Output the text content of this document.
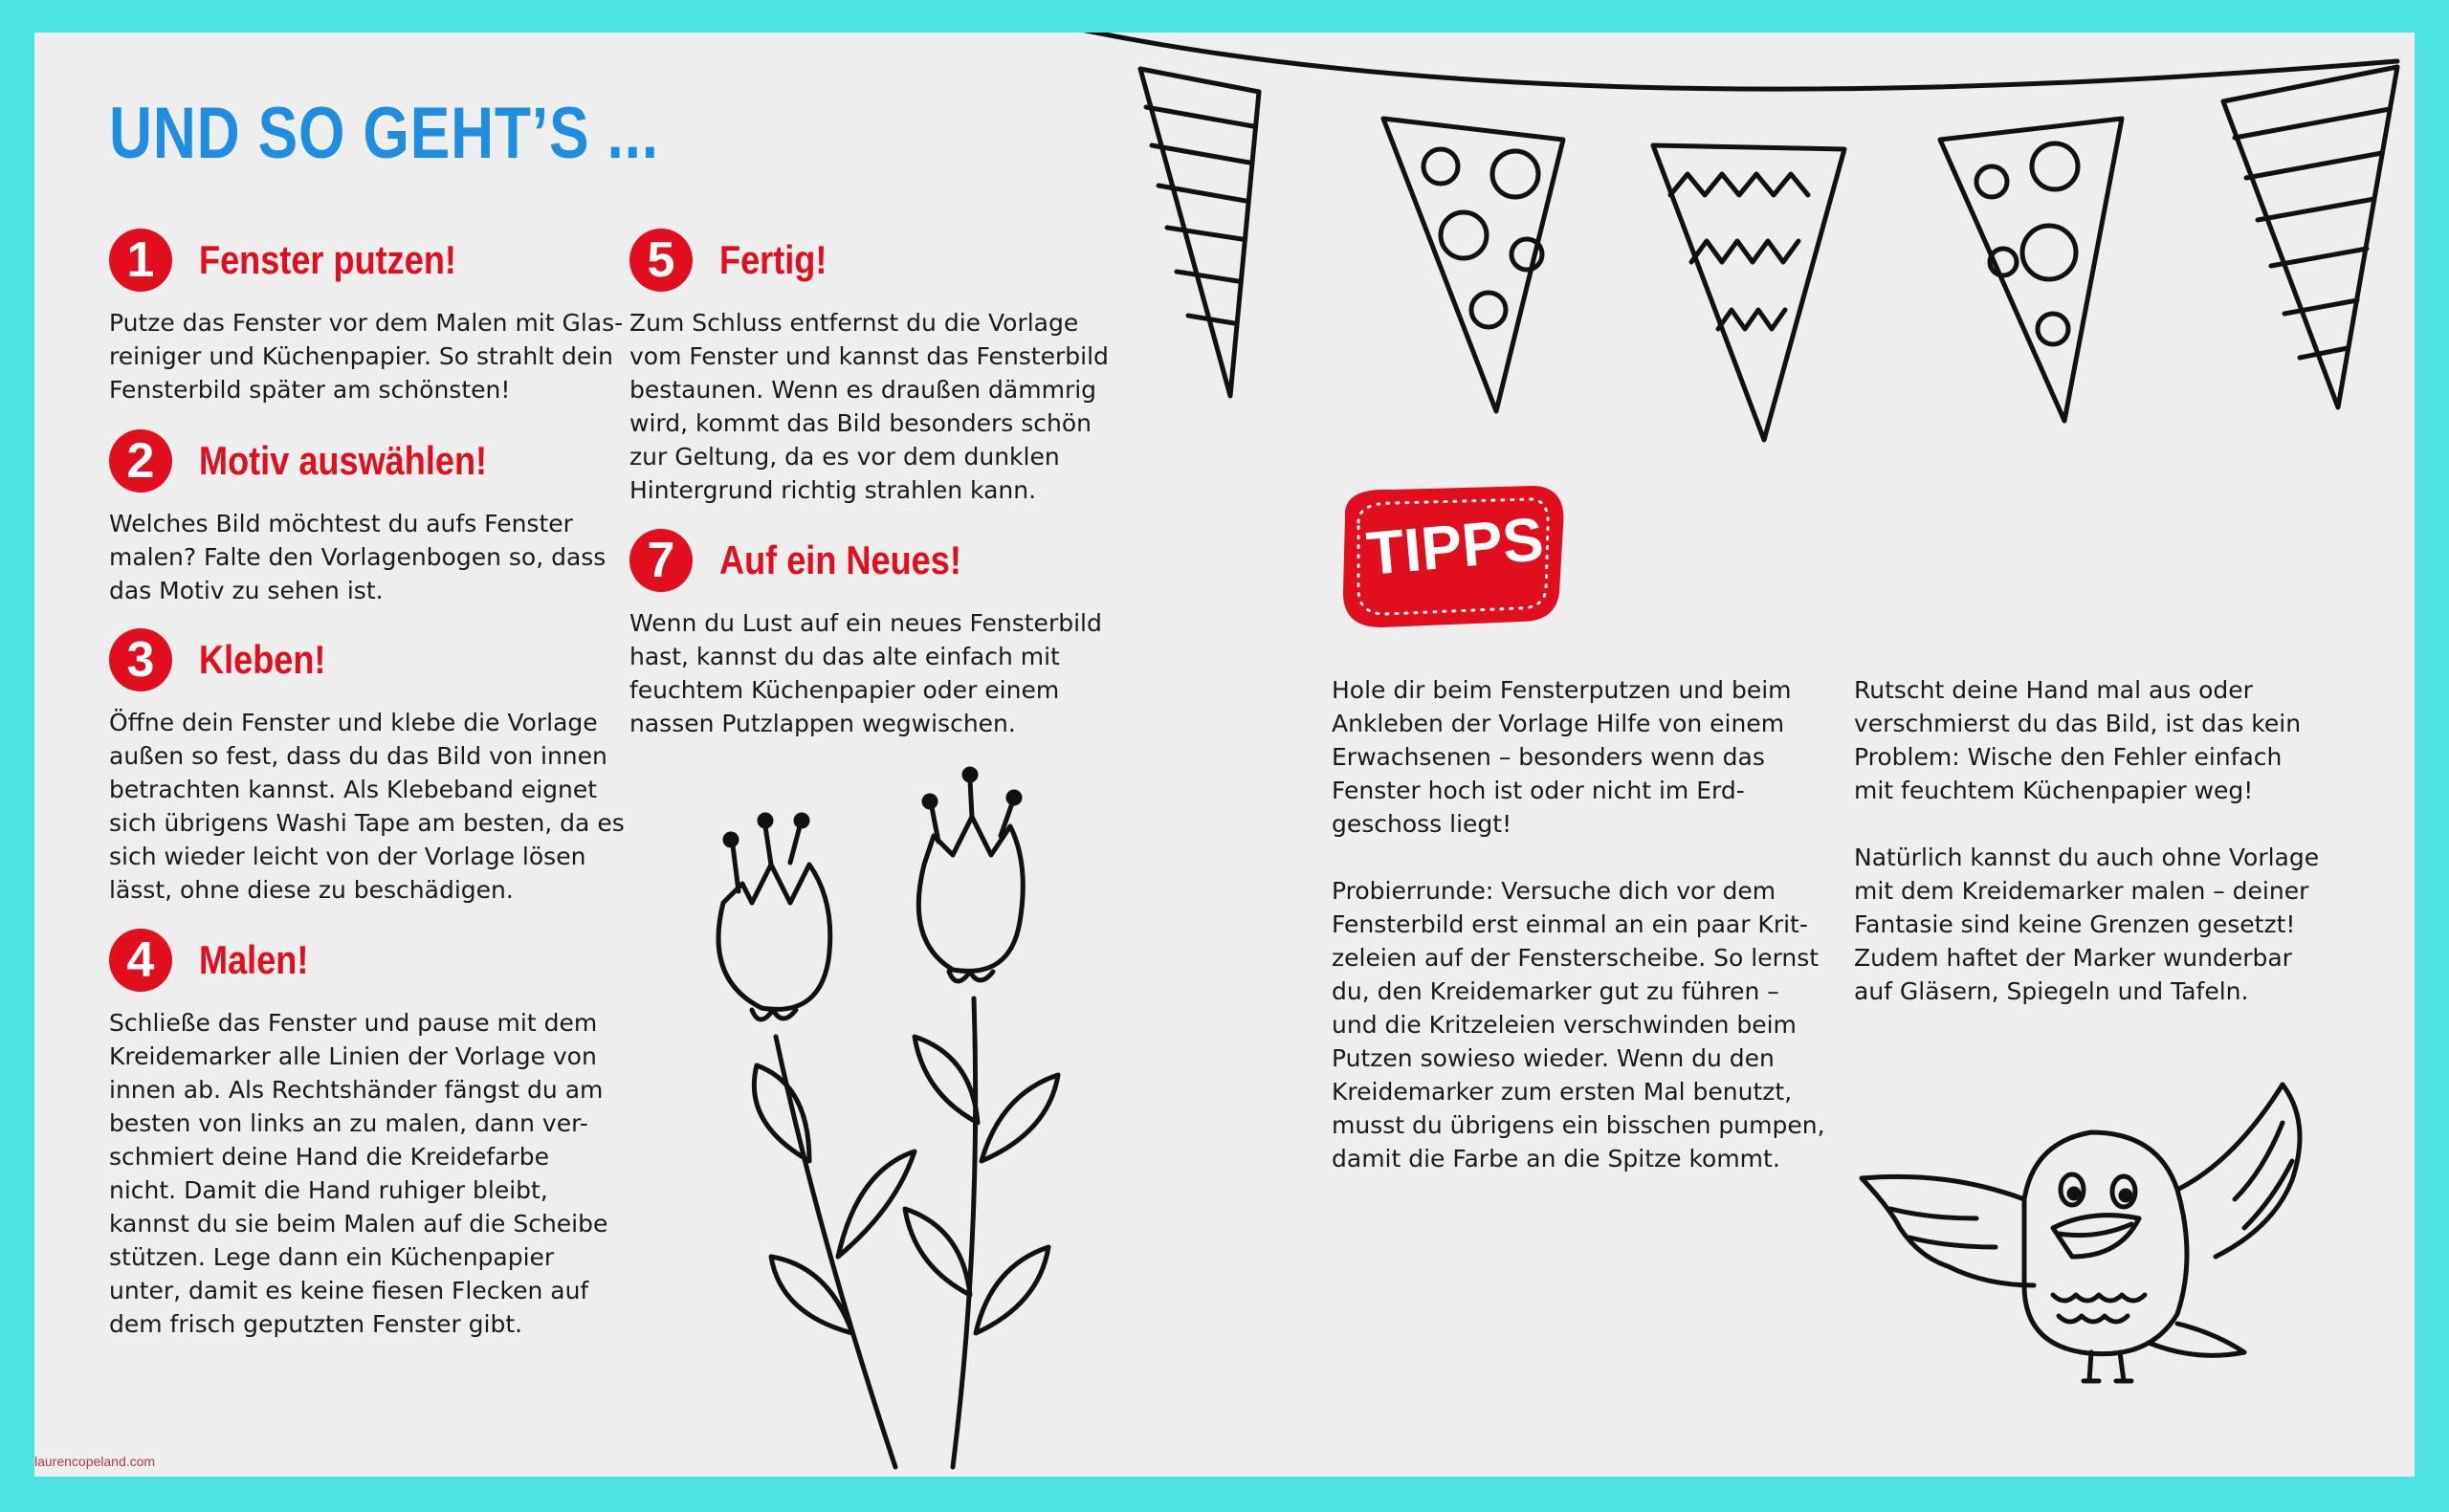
UND SO GEHT’S ...
1	Fenster putzen!
Putze das Fenster vor dem Malen mit Glas-
reiniger und Küchenpapier. So strahlt dein
Fensterbild später am schönsten!
2	Motiv auswählen!
Welches Bild möchtest du aufs Fenster
malen? Falte den Vorlagenbogen so, dass
das Motiv zu sehen ist.
3	Kleben!
Öffne dein Fenster und klebe die Vorlage
außen so fest, dass du das Bild von innen
betrachten kannst. Als Klebeband eignet
sich übrigens Washi Tape am besten, da es
sich wieder leicht von der Vorlage lösen
lässt, ohne diese zu beschädigen.
4	Malen!
Schließe das Fenster und pause mit dem
Kreidemarker alle Linien der Vorlage von
innen ab. Als Rechtshänder fängst du am
besten von links an zu malen, dann ver-
schmiert deine Hand die Kreidefarbe
nicht. Damit die Hand ruhiger bleibt,
kannst du sie beim Malen auf die Scheibe
stützen. Lege dann ein Küchenpapier
unter, damit es keine fiesen Flecken auf
dem frisch geputzten Fenster gibt.
5	Fertig!
Zum Schluss entfernst du die Vorlage
vom Fenster und kannst das Fensterbild
bestaunen. Wenn es draußen dämmrig
wird, kommt das Bild besonders schön
zur Geltung, da es vor dem dunklen
Hintergrund richtig strahlen kann.
7	Auf ein Neues!
Wenn du Lust auf ein neues Fensterbild
hast, kannst du das alte einfach mit
feuchtem Küchenpapier oder einem
nassen Putzlappen wegwischen.
TIPPS
Hole dir beim Fensterputzen und beim
Ankleben der Vorlage Hilfe von einem
Erwachsenen – besonders wenn das
Fenster hoch ist oder nicht im Erd-
geschoss liegt!
Probierrunde: Versuche dich vor dem
Fensterbild erst einmal an ein paar Krit-
zeleien auf der Fensterscheibe. So lernst
du, den Kreidemarker gut zu führen –
und die Kritzeleien verschwinden beim
Putzen sowieso wieder. Wenn du den
Kreidemarker zum ersten Mal benutzt,
musst du übrigens ein bisschen pumpen,
damit die Farbe an die Spitze kommt.
Rutscht deine Hand mal aus oder
verschmierst du das Bild, ist das kein
Problem: Wische den Fehler einfach
mit feuchtem Küchenpapier weg!
Natürlich kannst du auch ohne Vorlage
mit dem Kreidemarker malen – deiner
Fantasie sind keine Grenzen gesetzt!
Zudem haftet der Marker wunderbar
auf Gläsern, Spiegeln und Tafeln.
laurencopeland.com
